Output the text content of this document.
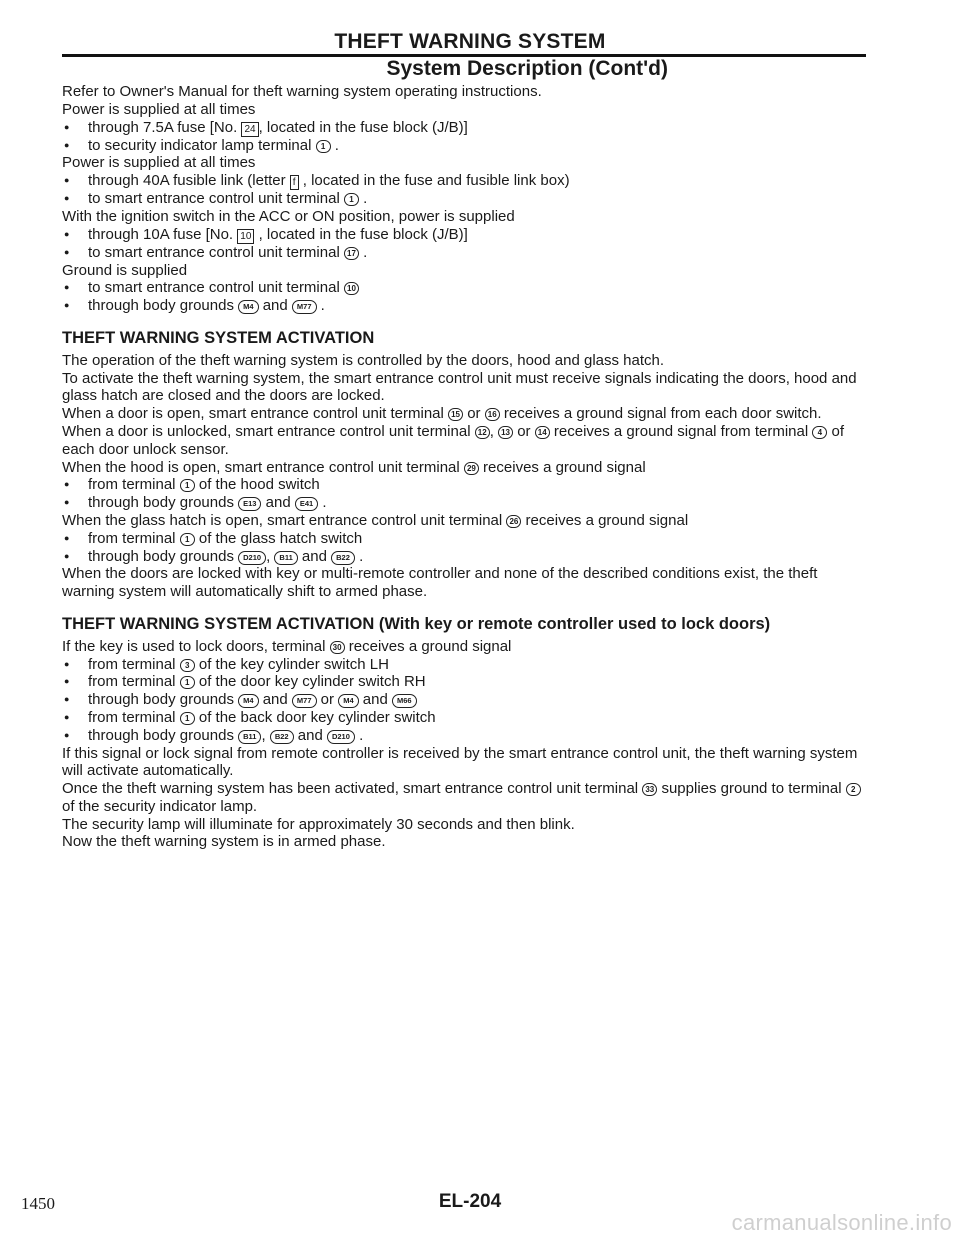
THEFT WARNING SYSTEM
System Description (Cont'd)
Refer to Owner's Manual for theft warning system operating instructions.
Power is supplied at all times
● through 7.5A fuse [No. 24 , located in the fuse block (J/B)]
● to security indicator lamp terminal 1 .
Power is supplied at all times
● through 40A fusible link (letter f , located in the fuse and fusible link box)
● to smart entrance control unit terminal 1 .
With the ignition switch in the ACC or ON position, power is supplied
● through 10A fuse [No. 10 , located in the fuse block (J/B)]
● to smart entrance control unit terminal 17 .
Ground is supplied
● to smart entrance control unit terminal 10
● through body grounds M4 and M77 .
THEFT WARNING SYSTEM ACTIVATION
The operation of the theft warning system is controlled by the doors, hood and glass hatch.
To activate the theft warning system, the smart entrance control unit must receive signals indicating the doors, hood and glass hatch are closed and the doors are locked.
When a door is open, smart entrance control unit terminal 15 or 16 receives a ground signal from each door switch.
When a door is unlocked, smart entrance control unit terminal 12 , 13 or 14 receives a ground signal from terminal 4 of each door unlock sensor.
When the hood is open, smart entrance control unit terminal 29 receives a ground signal
● from terminal 1 of the hood switch
● through body grounds E13 and E41 .
When the glass hatch is open, smart entrance control unit terminal 26 receives a ground signal
● from terminal 1 of the glass hatch switch
● through body grounds D210 , B11 and B22 .
When the doors are locked with key or multi-remote controller and none of the described conditions exist, the theft warning system will automatically shift to armed phase.
THEFT WARNING SYSTEM ACTIVATION (With key or remote controller used to lock doors)
If the key is used to lock doors, terminal 30 receives a ground signal
● from terminal 3 of the key cylinder switch LH
● from terminal 1 of the door key cylinder switch RH
● through body grounds M4 and M77 or M4 and M66
● from terminal 1 of the back door key cylinder switch
● through body grounds B11 , B22 and D210 .
If this signal or lock signal from remote controller is received by the smart entrance control unit, the theft warning system will activate automatically.
Once the theft warning system has been activated, smart entrance control unit terminal 33 supplies ground to terminal 2 of the security indicator lamp.
The security lamp will illuminate for approximately 30 seconds and then blink.
Now the theft warning system is in armed phase.
1450	EL-204
carmanualsonline.info
